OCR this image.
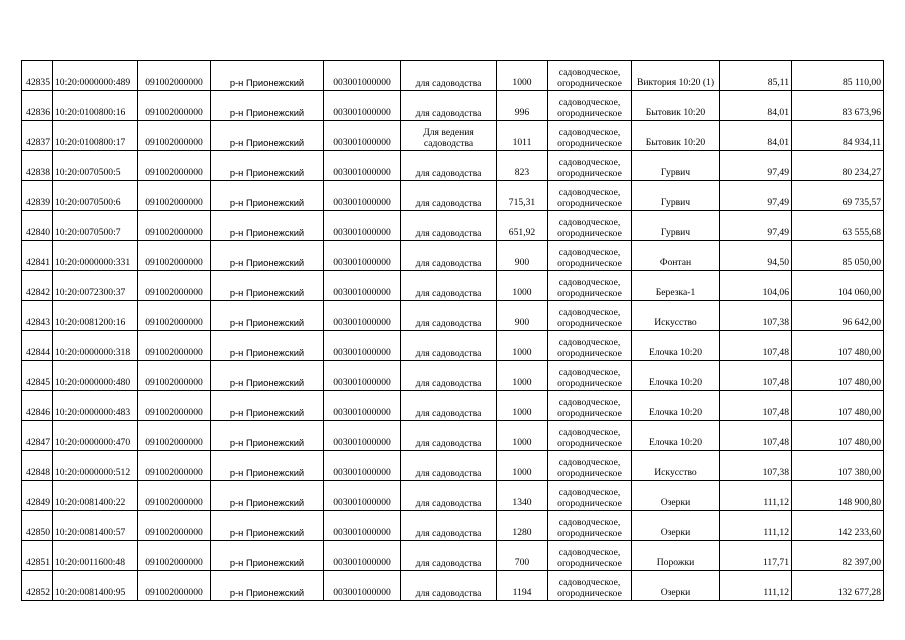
42835	10:20:0000000:489	091002000000	р-н Прионежский	003001000000	для садоводства	1000	садоводческое,
огородническое	Виктория 10:20 (1)	85,11	85 110,00
42836	10:20:0100800:16	091002000000	р-н Прионежский	003001000000	для садоводства	996	садоводческое,
огородническое	Бытовик 10:20	84,01	83 673,96
42837	10:20:0100800:17	091002000000	р-н Прионежский	003001000000	Для ведения садоводства	1011	садоводческое,
огородническое	Бытовик 10:20	84,01	84 934,11
42838	10:20:0070500:5	091002000000	р-н Прионежский	003001000000	для садоводства	823	садоводческое,
огородническое	Гурвич	97,49	80 234,27
42839	10:20:0070500:6	091002000000	р-н Прионежский	003001000000	для садоводства	715,31	садоводческое,
огородническое	Гурвич	97,49	69 735,57
42840	10:20:0070500:7	091002000000	р-н Прионежский	003001000000	для садоводства	651,92	садоводческое,
огородническое	Гурвич	97,49	63 555,68
42841	10:20:0000000:331	091002000000	р-н Прионежский	003001000000	для садоводства	900	садоводческое,
огородническое	Фонтан	94,50	85 050,00
42842	10:20:0072300:37	091002000000	р-н Прионежский	003001000000	для садоводства	1000	садоводческое,
огородническое	Березка-1	104,06	104 060,00
42843	10:20:0081200:16	091002000000	р-н Прионежский	003001000000	для садоводства	900	садоводческое,
огородническое	Искусство	107,38	96 642,00
42844	10:20:0000000:318	091002000000	р-н Прионежский	003001000000	для садоводства	1000	садоводческое,
огородническое	Елочка 10:20	107,48	107 480,00
42845	10:20:0000000:480	091002000000	р-н Прионежский	003001000000	для садоводства	1000	садоводческое,
огородническое	Елочка 10:20	107,48	107 480,00
42846	10:20:0000000:483	091002000000	р-н Прионежский	003001000000	для садоводства	1000	садоводческое,
огородническое	Елочка 10:20	107,48	107 480,00
42847	10:20:0000000:470	091002000000	р-н Прионежский	003001000000	для садоводства	1000	садоводческое,
огородническое	Елочка 10:20	107,48	107 480,00
42848	10:20:0000000:512	091002000000	р-н Прионежский	003001000000	для садоводства	1000	садоводческое,
огородническое	Искусство	107,38	107 380,00
42849	10:20:0081400:22	091002000000	р-н Прионежский	003001000000	для садоводства	1340	садоводческое,
огородническое	Озерки	111,12	148 900,80
42850	10:20:0081400:57	091002000000	р-н Прионежский	003001000000	для садоводства	1280	садоводческое,
огородническое	Озерки	111,12	142 233,60
42851	10:20:0011600:48	091002000000	р-н Прионежский	003001000000	для садоводства	700	садоводческое,
огородническое	Порожки	117,71	82 397,00
42852	10:20:0081400:95	091002000000	р-н Прионежский	003001000000	для садоводства	1194	садоводческое,
огородническое	Озерки	111,12	132 677,28
